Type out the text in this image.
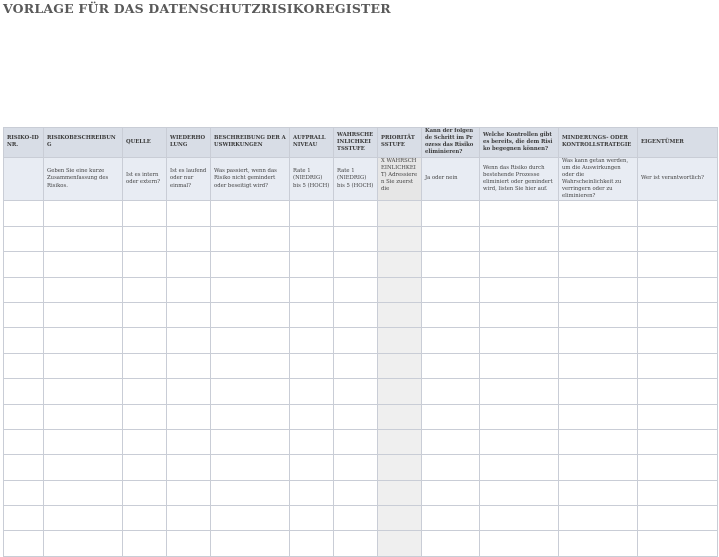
VORLAGE FÜR DAS DATENSCHUTZRISIKOREGISTER
RISIKO-ID NR.	RISIKOBESCHREIBUNG	QUELLE	WIEDERHOLUNG	BESCHREIBUNG DER AUSWIRKUNGEN	AUFPRALL NIVEAU	WAHRSCHEINLICHKEITSSTUFE	PRIORITÄTSSTUFE	Kann der folgende Schritt im Prozess das Risiko eliminieren?	Welche Kontrollen gibt es bereits, die dem Risiko begegnen können?	MINDERUNGS- ODER KONTROLLSTRATEGIE	EIGENTÜMER
	Geben Sie eine kurze Zusammenfassung des Risikos.	Ist es intern oder extern?	Ist es laufend oder nur einmal?	Was passiert, wenn das Risiko nicht gemindert oder beseitigt wird?	Rate 1 (NIEDRIG) bis 5 (HOCH)	Rate 1 (NIEDRIG) bis 5 (HOCH)	X WAHRSCHEINLICHKEIT) Adressieren Sie zuerst die	Ja oder nein	Wenn das Risiko durch bestehende Prozesse eliminiert oder gemindert wird, listen Sie hier auf.	Was kann getan werden, um die Auswirkungen oder die Wahrscheinlichkeit zu verringern oder zu eliminieren?	Wer ist verantwortlich?
